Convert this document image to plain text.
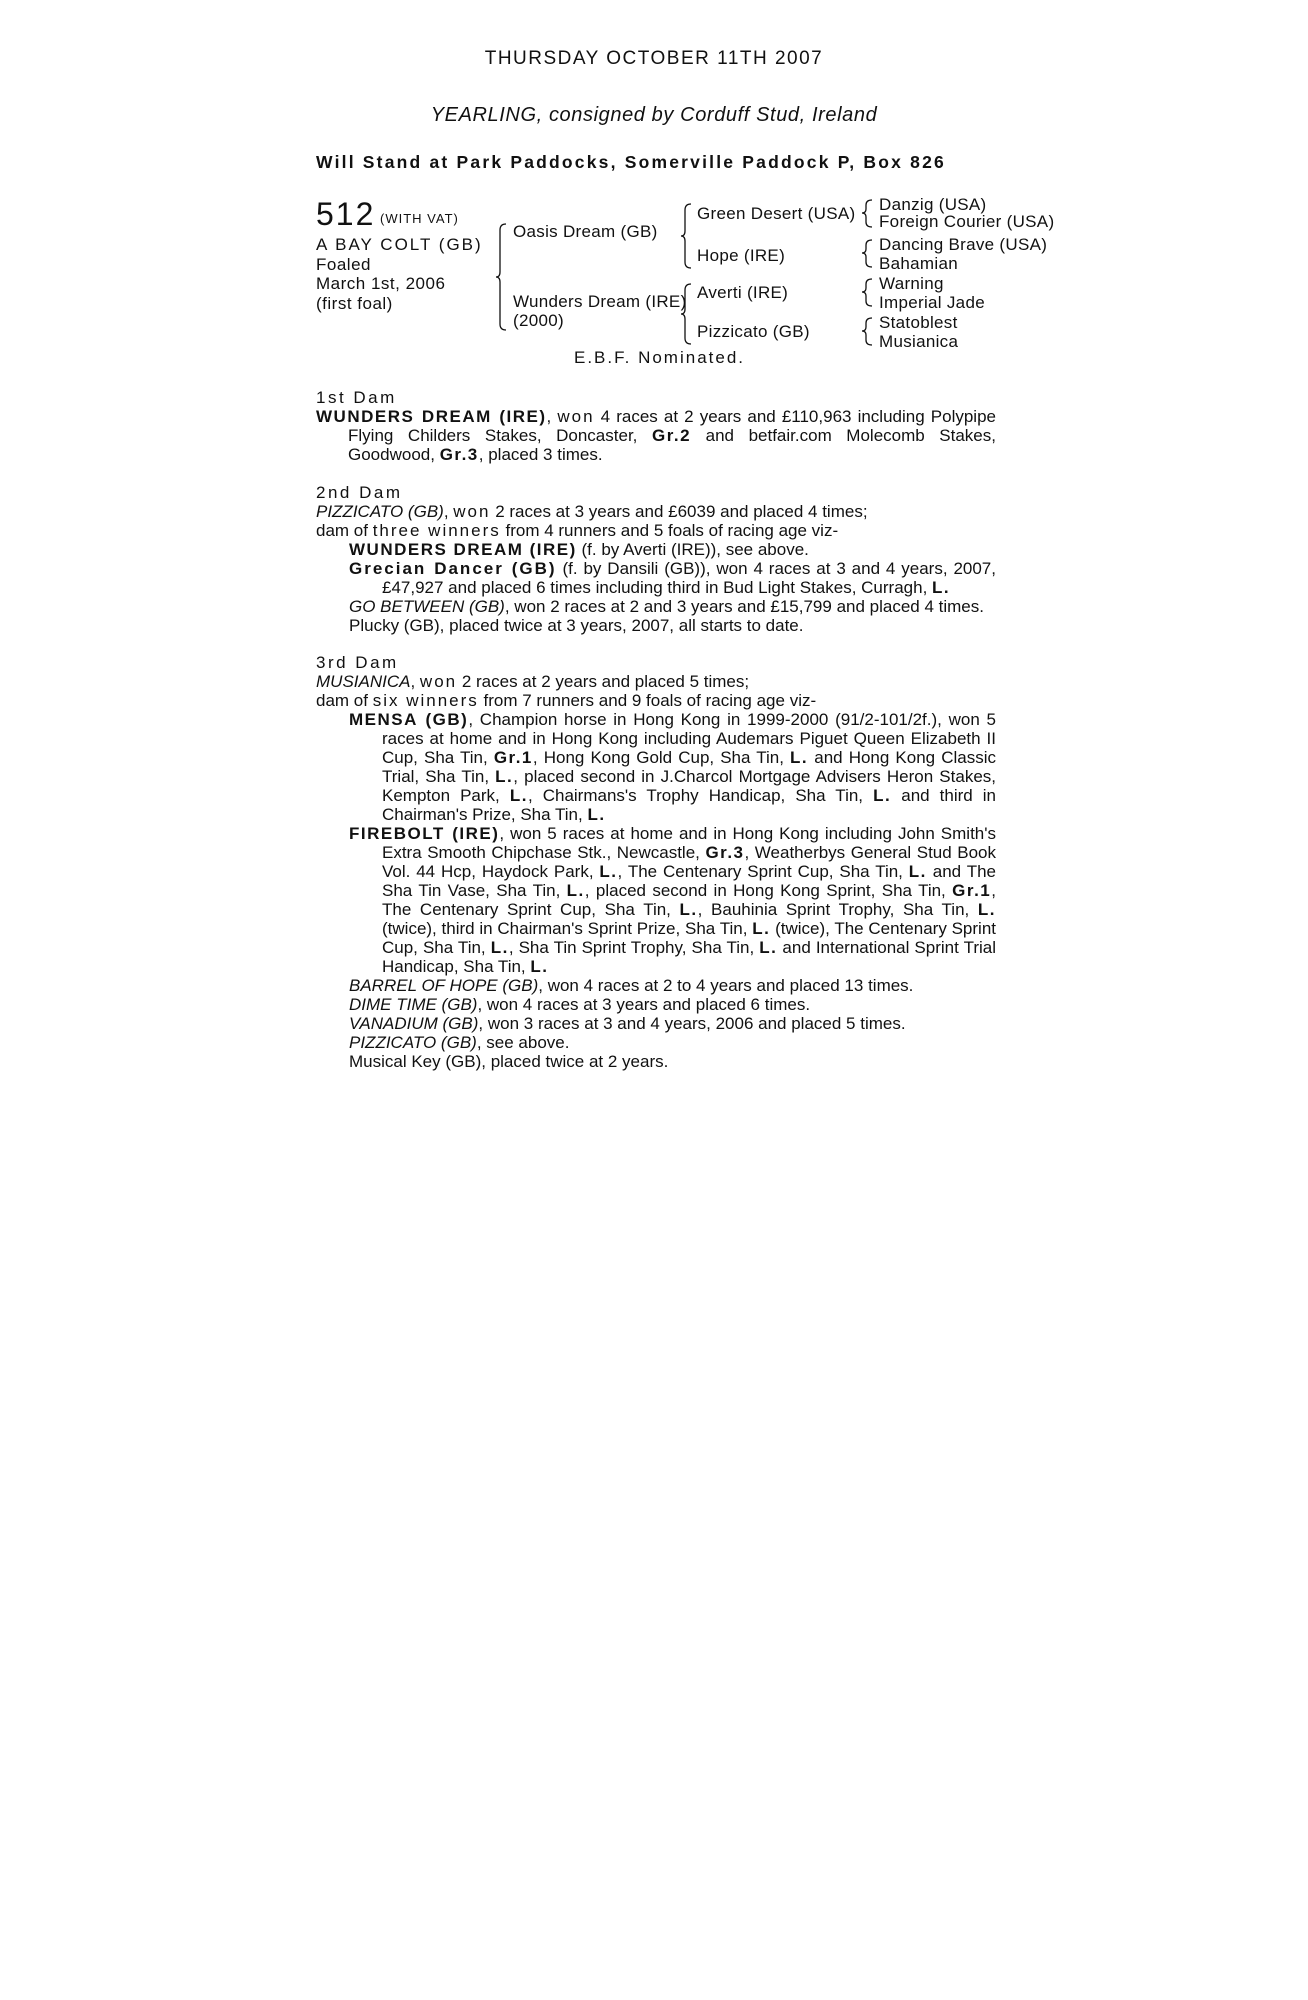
THURSDAY OCTOBER 11TH 2007
YEARLING, consigned by Corduff Stud, Ireland
Will Stand at Park Paddocks, Somerville Paddock P, Box 826
512 (WITH VAT)
A BAY COLT (GB)
Foaled
March 1st, 2006
(first foal)
Oasis Dream (GB)
Wunders Dream (IRE)
(2000)
Green Desert (USA)
Hope (IRE)
Averti (IRE)
Pizzicato (GB)
Danzig (USA)
Foreign Courier (USA)
Dancing Brave (USA)
Bahamian
Warning
Imperial Jade
Statoblest
Musianica
E.B.F. Nominated.

1st Dam

WUNDERS DREAM (IRE), won 4 races at 2 years and £110,963 including Polypipe Flying Childers Stakes, Doncaster, Gr.2 and betfair.com Molecomb Stakes, Goodwood, Gr.3, placed 3 times.

2nd Dam

PIZZICATO (GB), won 2 races at 3 years and £6039 and placed 4 times;

dam of three winners from 4 runners and 5 foals of racing age viz-

WUNDERS DREAM (IRE) (f. by Averti (IRE)), see above.

Grecian Dancer (GB) (f. by Dansili (GB)), won 4 races at 3 and 4 years, 2007, £47,927 and placed 6 times including third in Bud Light Stakes, Curragh, L.

GO BETWEEN (GB), won 2 races at 2 and 3 years and £15,799 and placed 4 times.

Plucky (GB), placed twice at 3 years, 2007, all starts to date.

3rd Dam

MUSIANICA, won 2 races at 2 years and placed 5 times;

dam of six winners from 7 runners and 9 foals of racing age viz-

MENSA (GB), Champion horse in Hong Kong in 1999-2000 (91/2-101/2f.), won 5 races at home and in Hong Kong including Audemars Piguet Queen Elizabeth II Cup, Sha Tin, Gr.1, Hong Kong Gold Cup, Sha Tin, L. and Hong Kong Classic Trial, Sha Tin, L., placed second in J.Charcol Mortgage Advisers Heron Stakes, Kempton Park, L., Chairmans's Trophy Handicap, Sha Tin, L. and third in Chairman's Prize, Sha Tin, L.

FIREBOLT (IRE), won 5 races at home and in Hong Kong including John Smith's Extra Smooth Chipchase Stk., Newcastle, Gr.3, Weatherbys General Stud Book Vol. 44 Hcp, Haydock Park, L., The Centenary Sprint Cup, Sha Tin, L. and The Sha Tin Vase, Sha Tin, L., placed second in Hong Kong Sprint, Sha Tin, Gr.1, The Centenary Sprint Cup, Sha Tin, L., Bauhinia Sprint Trophy, Sha Tin, L. (twice), third in Chairman's Sprint Prize, Sha Tin, L. (twice), The Centenary Sprint Cup, Sha Tin, L., Sha Tin Sprint Trophy, Sha Tin, L. and International Sprint Trial Handicap, Sha Tin, L.

BARREL OF HOPE (GB), won 4 races at 2 to 4 years and placed 13 times.

DIME TIME (GB), won 4 races at 3 years and placed 6 times.

VANADIUM (GB), won 3 races at 3 and 4 years, 2006 and placed 5 times.

PIZZICATO (GB), see above.

Musical Key (GB), placed twice at 2 years.
